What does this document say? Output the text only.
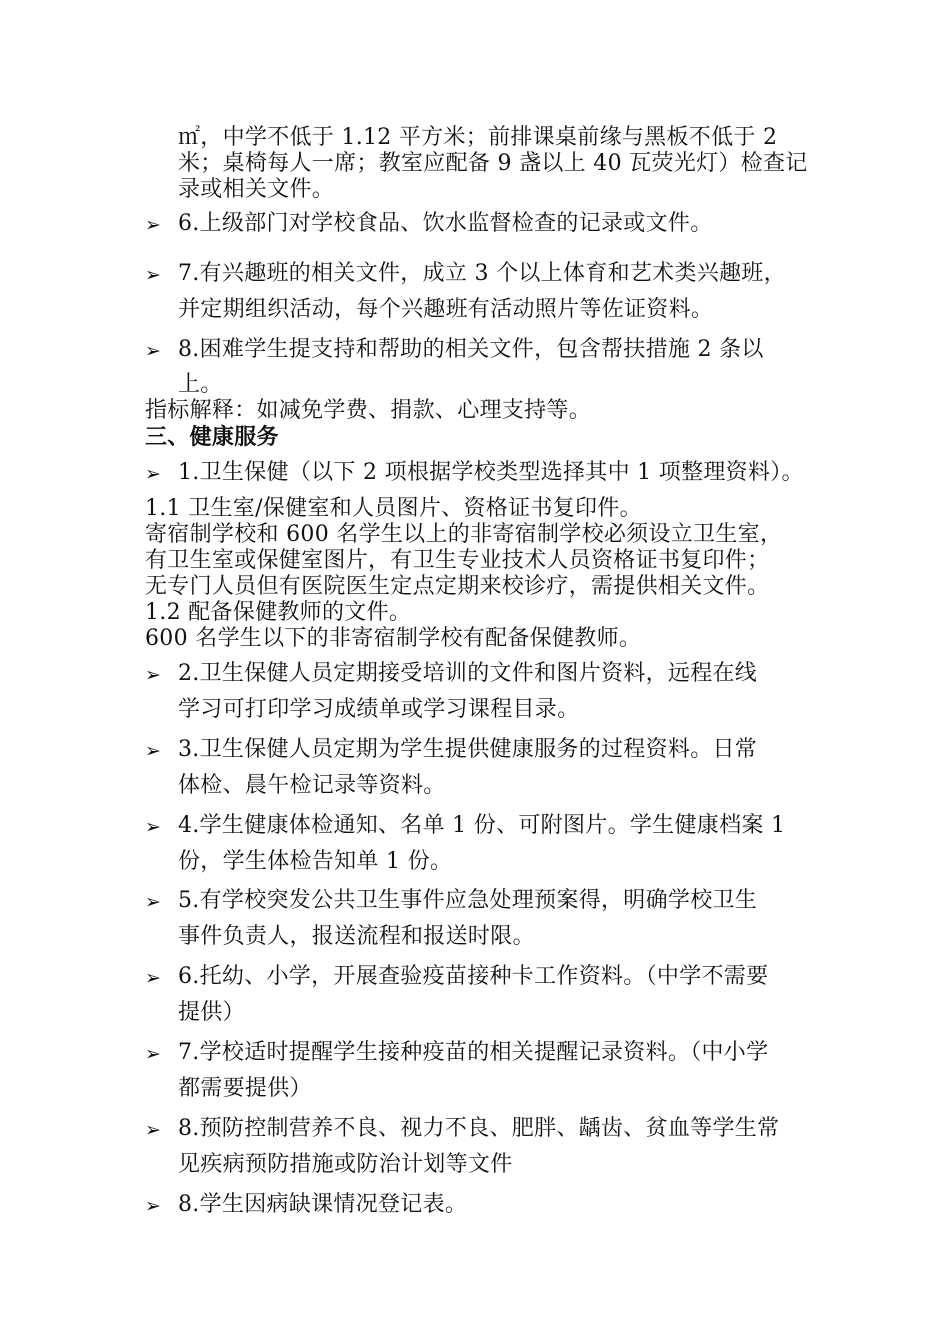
㎡，中学不低于 1.12 平方米；前排课桌前缘与黑板不低于 2
米；桌椅每人一席；教室应配备 9 盏以上 40 瓦荧光灯）检查记
录或相关文件。
➢ 6.上级部门对学校食品、饮水监督检查的记录或文件。
➢ 7.有兴趣班的相关文件，成立 3 个以上体育和艺术类兴趣班，
并定期组织活动，每个兴趣班有活动照片等佐证资料。
➢ 8.困难学生提支持和帮助的相关文件，包含帮扶措施 2 条以
上。
指标解释：如减免学费、捐款、心理支持等。
三、健康服务
➢ 1.卫生保健（以下 2 项根据学校类型选择其中 1 项整理资料）。
1.1 卫生室/保健室和人员图片、资格证书复印件。
寄宿制学校和 600 名学生以上的非寄宿制学校必须设立卫生室，
有卫生室或保健室图片，有卫生专业技术人员资格证书复印件；
无专门人员但有医院医生定点定期来校诊疗，需提供相关文件。
1.2 配备保健教师的文件。
600 名学生以下的非寄宿制学校有配备保健教师。
➢ 2.卫生保健人员定期接受培训的文件和图片资料，远程在线
学习可打印学习成绩单或学习课程目录。
➢ 3.卫生保健人员定期为学生提供健康服务的过程资料。日常
体检、晨午检记录等资料。
➢ 4.学生健康体检通知、名单 1 份、可附图片。学生健康档案 1
份，学生体检告知单 1 份。
➢ 5.有学校突发公共卫生事件应急处理预案得，明确学校卫生
事件负责人，报送流程和报送时限。
➢ 6.托幼、小学，开展查验疫苗接种卡工作资料。（中学不需要
提供）
➢ 7.学校适时提醒学生接种疫苗的相关提醒记录资料。（中小学
都需要提供）
➢ 8.预防控制营养不良、视力不良、肥胖、龋齿、贫血等学生常
见疾病预防措施或防治计划等文件
➢ 8.学生因病缺课情况登记表。
